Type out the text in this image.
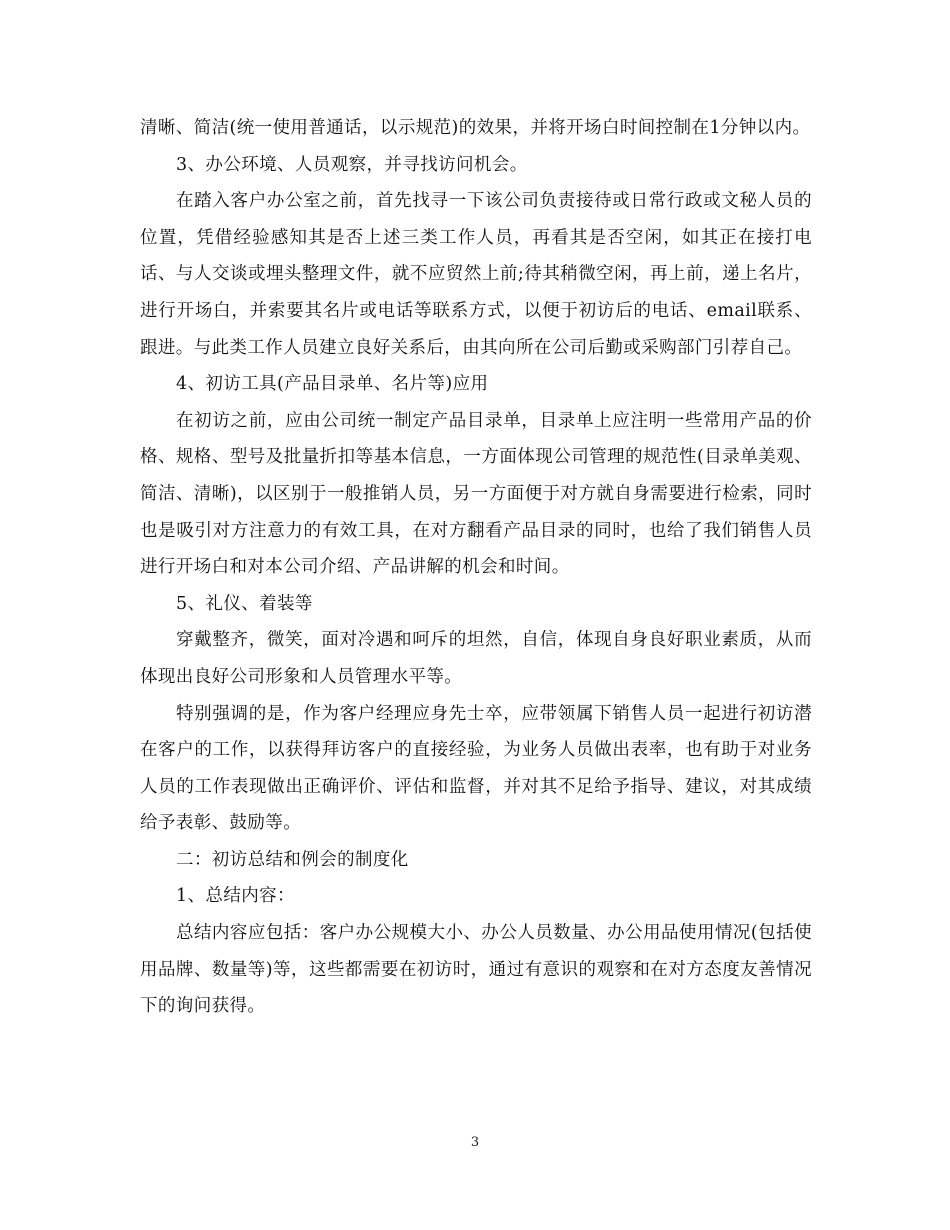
清晰、简洁(统一使用普通话，以示规范)的效果，并将开场白时间控制在1分钟以内。

3、办公环境、人员观察，并寻找访问机会。

在踏入客户办公室之前，首先找寻一下该公司负责接待或日常行政或文秘人员的位置，凭借经验感知其是否上述三类工作人员，再看其是否空闲，如其正在接打电话、与人交谈或埋头整理文件，就不应贸然上前;待其稍微空闲，再上前，递上名片，进行开场白，并索要其名片或电话等联系方式，以便于初访后的电话、email联系、跟进。与此类工作人员建立良好关系后，由其向所在公司后勤或采购部门引荐自己。

4、初访工具(产品目录单、名片等)应用

在初访之前，应由公司统一制定产品目录单，目录单上应注明一些常用产品的价格、规格、型号及批量折扣等基本信息，一方面体现公司管理的规范性(目录单美观、简洁、清晰)，以区别于一般推销人员，另一方面便于对方就自身需要进行检索，同时也是吸引对方注意力的有效工具，在对方翻看产品目录的同时，也给了我们销售人员进行开场白和对本公司介绍、产品讲解的机会和时间。

5、礼仪、着装等

穿戴整齐，微笑，面对冷遇和呵斥的坦然，自信，体现自身良好职业素质，从而体现出良好公司形象和人员管理水平等。

特别强调的是，作为客户经理应身先士卒，应带领属下销售人员一起进行初访潜在客户的工作，以获得拜访客户的直接经验，为业务人员做出表率，也有助于对业务人员的工作表现做出正确评价、评估和监督，并对其不足给予指导、建议，对其成绩给予表彰、鼓励等。

二：初访总结和例会的制度化

1、总结内容：

总结内容应包括：客户办公规模大小、办公人员数量、办公用品使用情况(包括使用品牌、数量等)等，这些都需要在初访时，通过有意识的观察和在对方态度友善情况下的询问获得。

3
